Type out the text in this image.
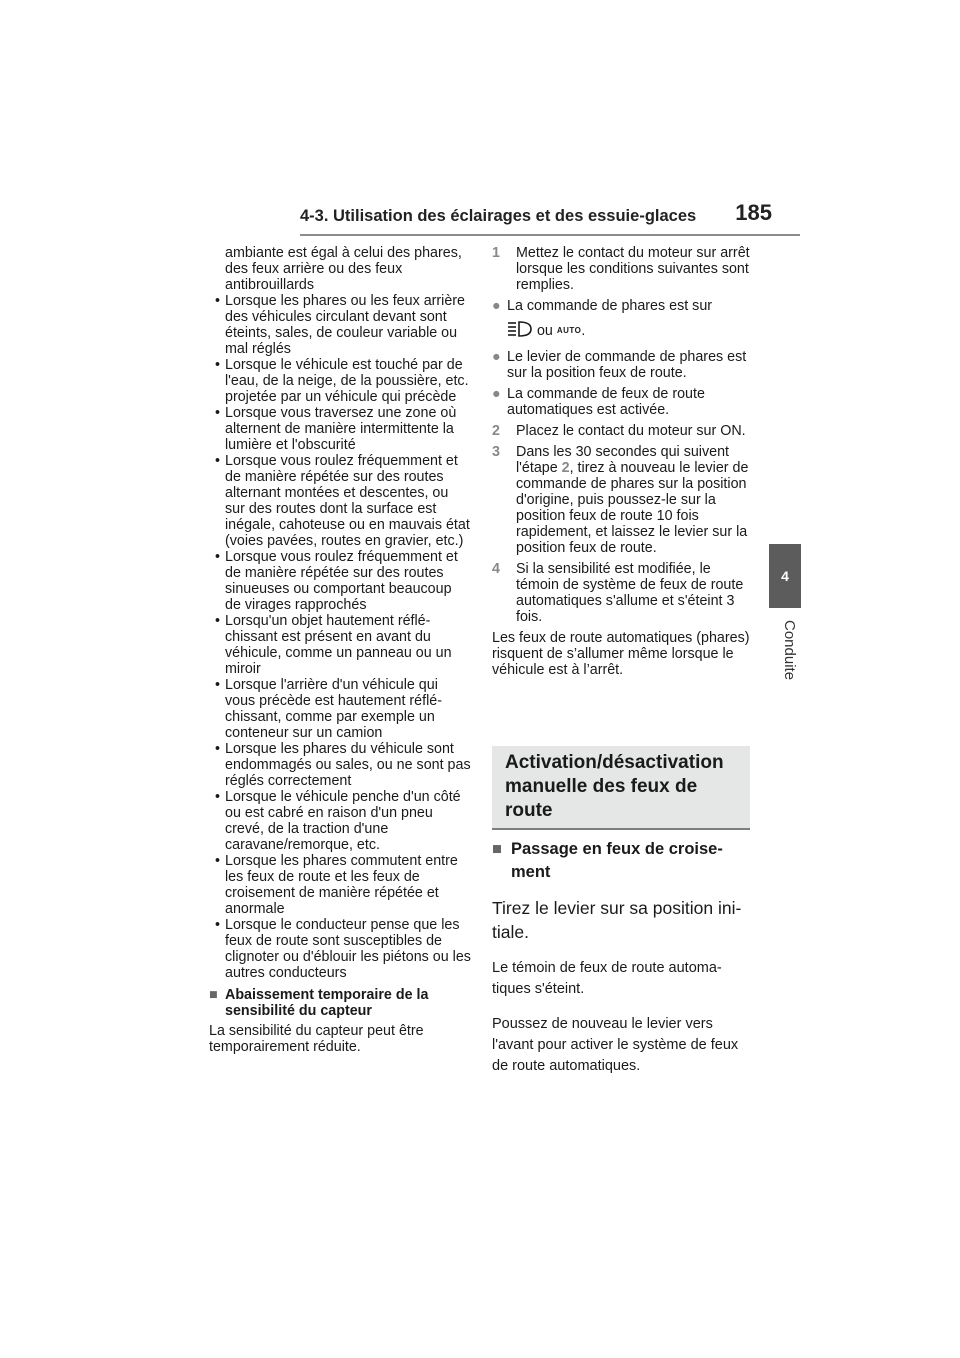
4-3. Utilisation des éclairages et des essuie-glaces 185
4
Conduite
ambiante est égal à celui des phares, des feux arrière ou des feux antibrouillards
• Lorsque les phares ou les feux arrière des véhicules circulant devant sont éteints, sales, de couleur variable ou mal réglés
• Lorsque le véhicule est touché par de l'eau, de la neige, de la poussière, etc. projetée par un véhicule qui précède
• Lorsque vous traversez une zone où alternent de manière intermittente la lumière et l'obscurité
• Lorsque vous roulez fréquemment et de manière répétée sur des routes alternant montées et descentes, ou sur des routes dont la surface est inégale, cahoteuse ou en mauvais état (voies pavées, routes en gravier, etc.)
• Lorsque vous roulez fréquemment et de manière répétée sur des routes sinueuses ou comportant beaucoup de virages rapprochés
• Lorsqu'un objet hautement réfléchissant est présent en avant du véhicule, comme un panneau ou un miroir
• Lorsque l'arrière d'un véhicule qui vous précède est hautement réfléchissant, comme par exemple un conteneur sur un camion
• Lorsque les phares du véhicule sont endommagés ou sales, ou ne sont pas réglés correctement
• Lorsque le véhicule penche d'un côté ou est cabré en raison d'un pneu crevé, de la traction d'une caravane/remorque, etc.
• Lorsque les phares commutent entre les feux de route et les feux de croisement de manière répétée et anormale
• Lorsque le conducteur pense que les feux de route sont susceptibles de clignoter ou d'éblouir les piétons ou les autres conducteurs
■ Abaissement temporaire de la sensibilité du capteur
La sensibilité du capteur peut être temporairement réduite.
1 Mettez le contact du moteur sur arrêt lorsque les conditions suivantes sont remplies.
● La commande de phares est sur
ou AUTO.
● Le levier de commande de phares est sur la position feux de route.
● La commande de feux de route automatiques est activée.
2 Placez le contact du moteur sur ON.
3 Dans les 30 secondes qui suivent l'étape 2, tirez à nouveau le levier de commande de phares sur la position d'origine, puis poussez-le sur la position feux de route 10 fois rapidement, et laissez le levier sur la position feux de route.
4 Si la sensibilité est modifiée, le témoin de système de feux de route automatiques s'allume et s'éteint 3 fois.
Les feux de route automatiques (phares) risquent de s’allumer même lorsque le véhicule est à l’arrêt.
Activation/désactivation manuelle des feux de route
■ Passage en feux de croisement
Tirez le levier sur sa position initiale.
Le témoin de feux de route automatiques s'éteint.
Poussez de nouveau le levier vers l'avant pour activer le système de feux de route automatiques.
